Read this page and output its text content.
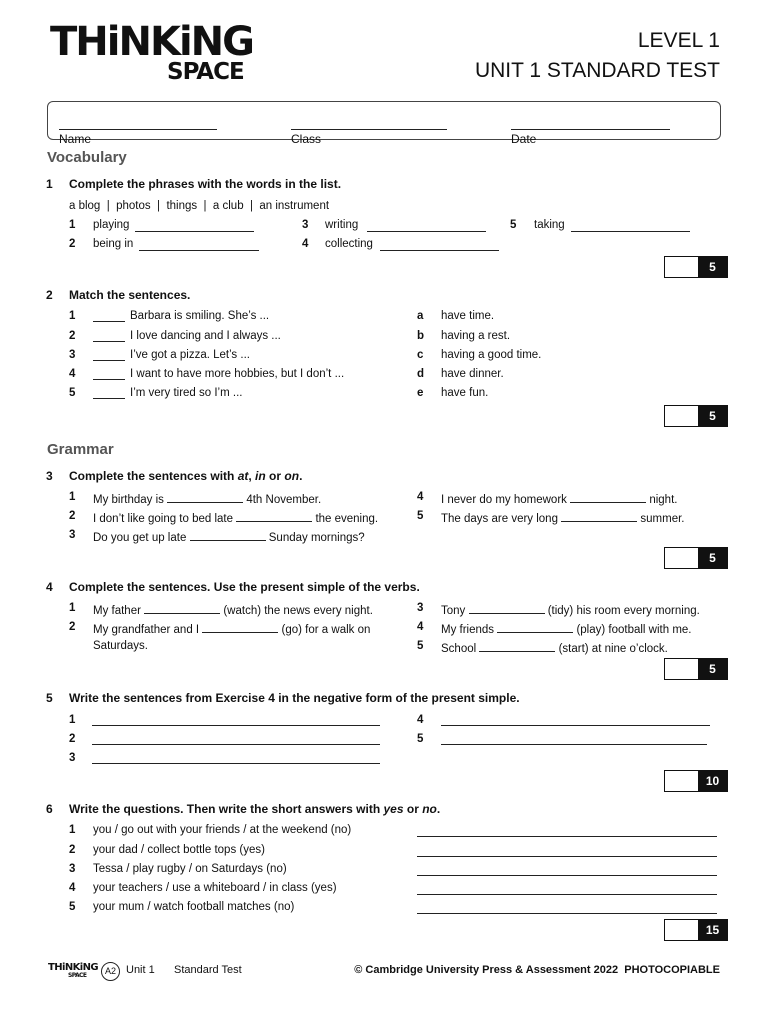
THiNKiNG
SPACE
LEVEL 1
UNIT 1 STANDARD TEST
Name	Class	Date
Vocabulary
1 Complete the phrases with the words in the list.
a blog  |  photos  |  things  |  a club  |  an instrument
1 playing
2 being in
3 writing
4 collecting
5 taking
5
2 Match the sentences.
1	Barbara is smiling. She’s ...	a have time.
2	I love dancing and I always ...	b having a rest.
3	I’ve got a pizza. Let’s ...	c having a good time.
4	I want to have more hobbies, but I don’t ...	d have dinner.
5	I’m very tired so I’m ...	e have fun.
5
Grammar
3 Complete the sentences with at, in or on.
1 My birthday is	4th November.
2 I don’t like going to bed late	the evening.
3 Do you get up late	Sunday mornings?
4 I never do my homework	night.
5 The days are very long	summer.
5
4 Complete the sentences. Use the present simple of the verbs.
1 My father	(watch) the news every night.
2 My grandfather and I	(go) for a walk on
Saturdays.
3 Tony	(tidy) his room every morning.
4 My friends	(play) football with me.
5 School	(start) at nine o’clock.
5
5 Write the sentences from Exercise 4 in the negative form of the present simple.
1
2
3
4
5
10
6 Write the questions. Then write the short answers with yes or no.
1 you / go out with your friends / at the weekend (no)
2 your dad / collect bottle tops (yes)
3 Tessa / play rugby / on Saturdays (no)
4 your teachers / use a whiteboard / in class (yes)
5 your mum / watch football matches (no)
15
THiNKiNG
SPACE	A2 Unit 1 Standard Test	© Cambridge University Press & Assessment 2022 PHOTOCOPIABLE
